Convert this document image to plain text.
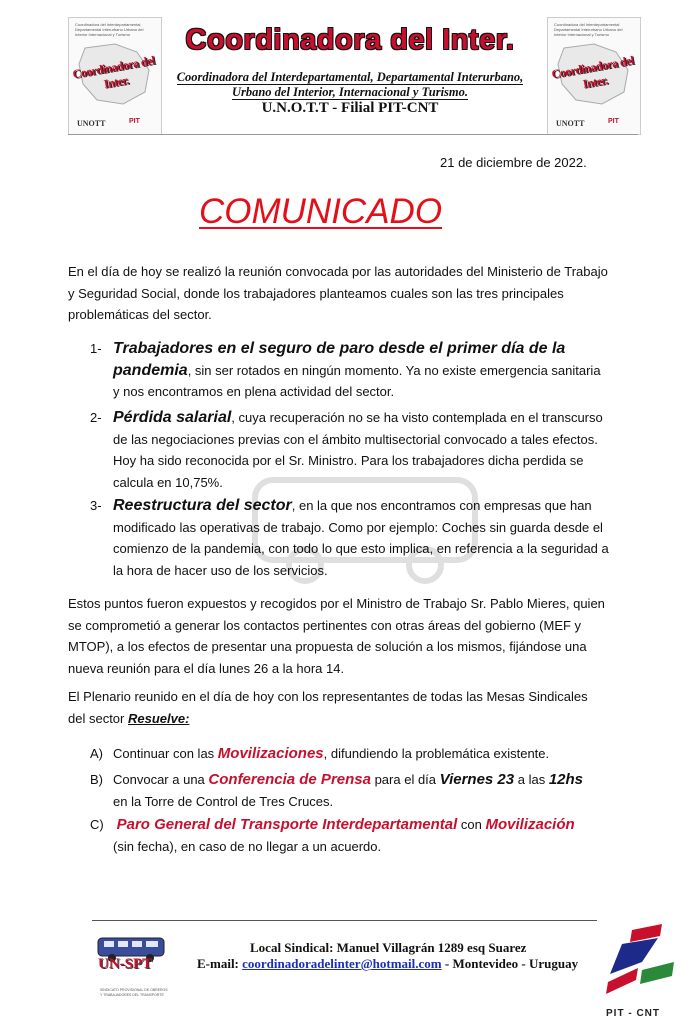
Coordinadora del Interdepartamental Departamental Interurbano Urbano del Interior Internacional y Turismo
Coordinadora del Inter.
UNOTT	PIT
Coordinadora del Inter.
Coordinadora del Interdepartamental, Departamental Interurbano,
Urbano del Interior, Internacional y Turismo.
U.N.O.T.T - Filial PIT-CNT
Coordinadora del Interdepartamental Departamental Interurbano Urbano del Interior Internacional y Turismo
Coordinadora del Inter.
UNOTT	PIT
21 de diciembre de 2022.
COMUNICADO
En el día de hoy se realizó la reunión convocada por las autoridades del Ministerio de Trabajo y Seguridad Social, donde los trabajadores planteamos cuales son las tres principales problemáticas del sector.
1- Trabajadores en el seguro de paro desde el primer día de la pandemia, sin ser rotados en ningún momento. Ya no existe emergencia sanitaria y nos encontramos en plena actividad del sector.
2- Pérdida salarial, cuya recuperación no se ha visto contemplada en el transcurso de las negociaciones previas con el ámbito multisectorial convocado a tales efectos. Hoy ha sido reconocida por el Sr. Ministro. Para los trabajadores dicha perdida se calcula en 10,75%.
3- Reestructura del sector, en la que nos encontramos con empresas que han modificado las operativas de trabajo. Como por ejemplo: Coches sin guarda desde el comienzo de la pandemia, con todo lo que esto implica, en referencia a la seguridad a la hora de hacer uso de los servicios.
Estos puntos fueron expuestos y recogidos por el Ministro de Trabajo Sr. Pablo Mieres, quien se comprometió a generar los contactos pertinentes con otras áreas del gobierno (MEF y MTOP), a los efectos de presentar una propuesta de solución a los mismos, fijándose una nueva reunión para el día lunes 26 a la hora 14.
El Plenario reunido en el día de hoy con los representantes de todas las Mesas Sindicales del sector Resuelve:
A) Continuar con las Movilizaciones, difundiendo la problemática existente.
B) Convocar a una Conferencia de Prensa para el día Viernes 23 a las 12hs
en la Torre de Control de Tres Cruces.
C) Paro General del Transporte Interdepartamental con Movilización
(sin fecha), en caso de no llegar a un acuerdo.
UN-SPT
SINDICATO PROVISIONAL DE OBREROS Y TRABAJADORES DEL TRANSPORTE
Local Sindical: Manuel Villagrán 1289 esq Suarez
E-mail: coordinadoradelinter@hotmail.com - Montevideo - Uruguay
PIT - CNT
